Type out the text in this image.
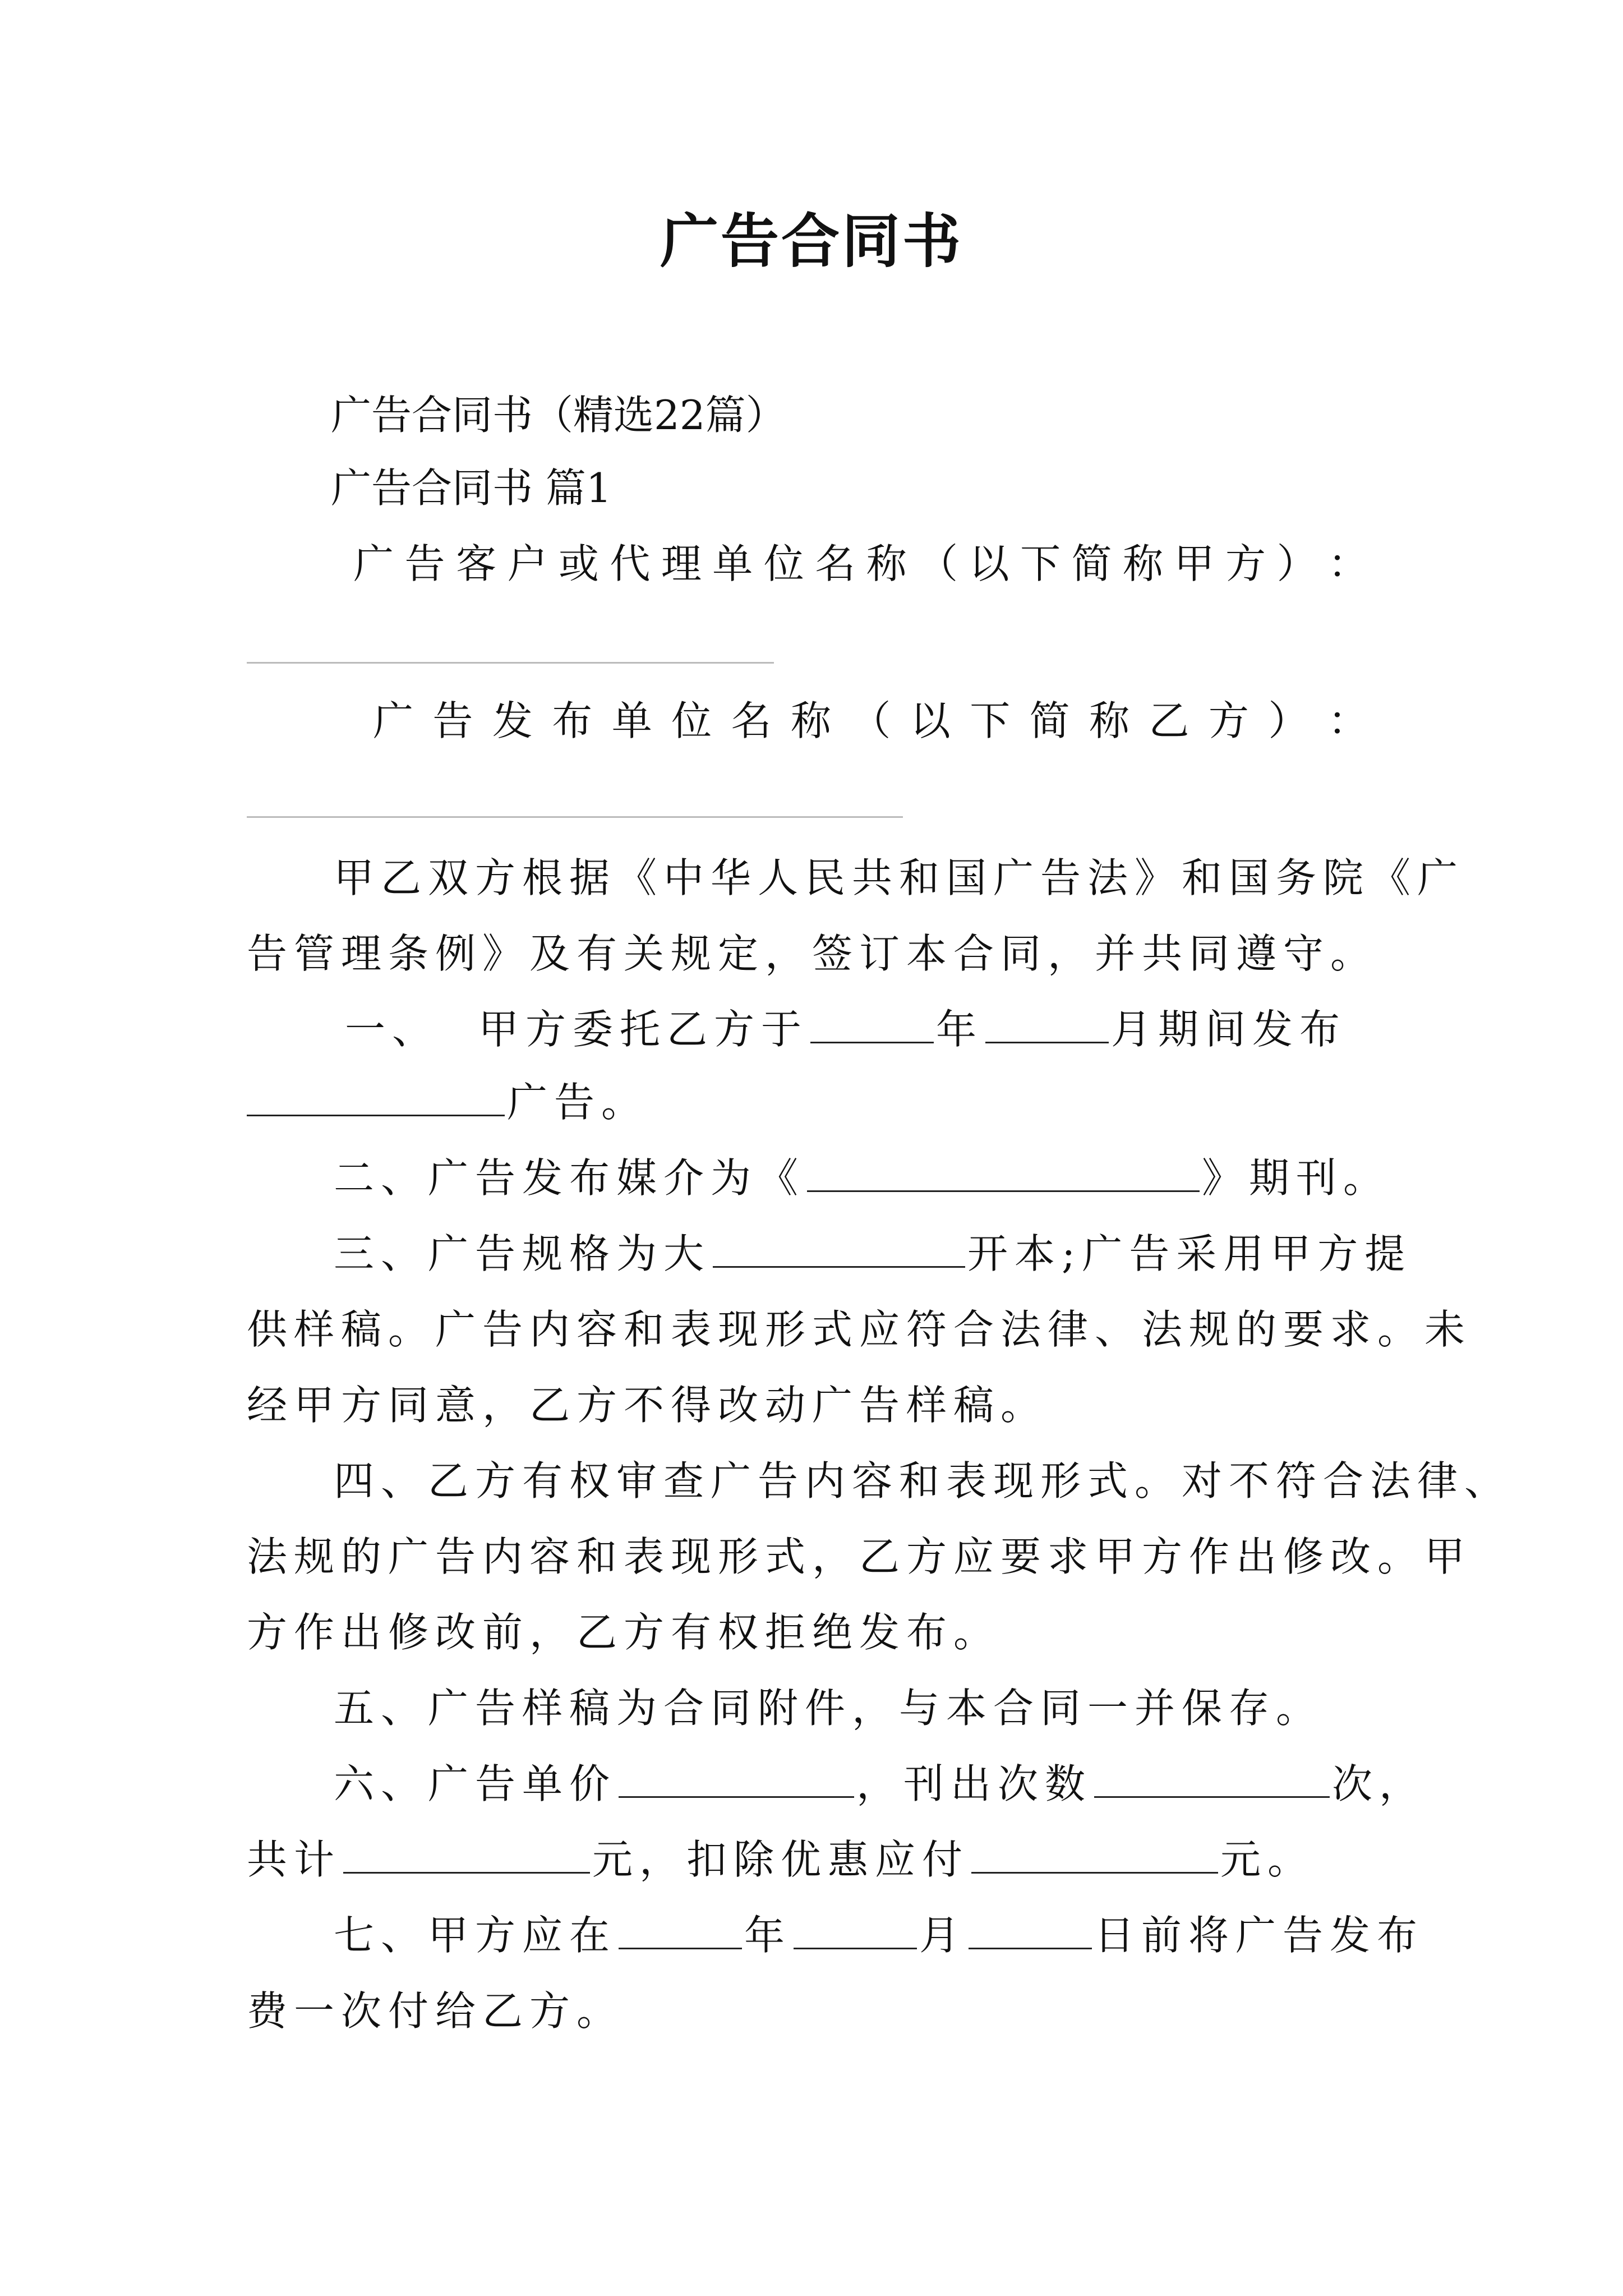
广告合同书
广告合同书（精选22篇）
广告合同书 篇1
广 告 客 户 或 代 理 单 位 名 称 （ 以 下 简 称 甲 方 ） ：
广 告 发 布 单 位 名 称 （ 以 下 简 称 乙 方 ） ：
甲乙双方根据《中华人民共和国广告法》和国务院《广
告管理条例》及有关规定，签订本合同，并共同遵守。
一、 甲方委托乙方于	年	月期间发布
广告。
二、广告发布媒介为《	》期刊。
三、广告规格为大	开本;广告采用甲方提
供样稿。广告内容和表现形式应符合法律、法规的要求。未
经甲方同意，乙方不得改动广告样稿。
四、乙方有权审查广告内容和表现形式。对不符合法律、
法规的广告内容和表现形式，乙方应要求甲方作出修改。甲
方作出修改前，乙方有权拒绝发布。
五、广告样稿为合同附件，与本合同一并保存。
六、广告单价	，刊出次数	次，
共计	元，扣除优惠应付	元。
七、甲方应在	年	月	日前将广告发布
费一次付给乙方。
